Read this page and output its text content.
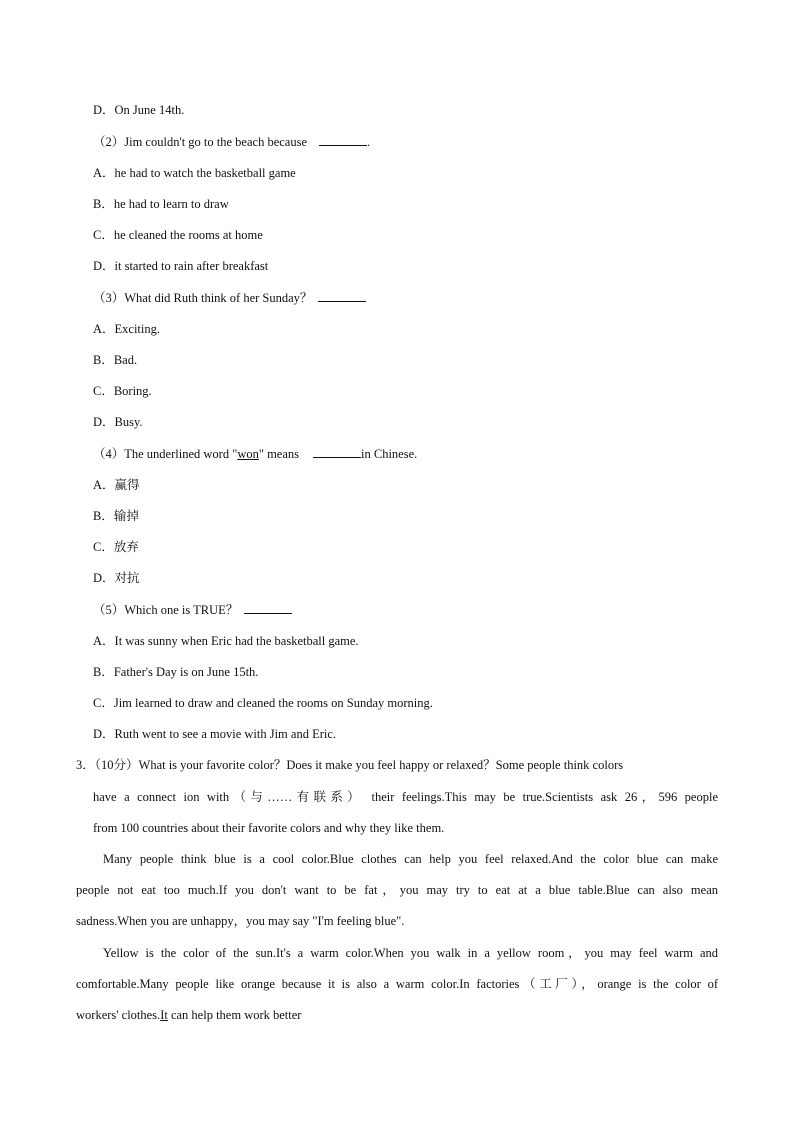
D．On June 14th.
（2）Jim couldn't go to the beach because	.
A．he had to watch the basketball game
B．he had to learn to draw
C．he cleaned the rooms at home
D．it started to rain after breakfast
（3）What did Ruth think of her Sunday？
A．Exciting.
B．Bad.
C．Boring.
D．Busy.
（4）The underlined word "won" means	in Chinese.
A．赢得
B．输掉
C．放弃
D．对抗
（5）Which one is TRUE？
A．It was sunny when Eric had the basketball game.
B．Father's Day is on June 15th.
C．Jim learned to draw and cleaned the rooms on Sunday morning.
D．Ruth went to see a movie with Jim and Eric.
3．（10分）What is your favorite color？Does it make you feel happy or relaxed？Some people think colors
have a connect ion with（与……有联系） their feelings.This may be true.Scientists ask 26，596 people
from 100 countries about their favorite colors and why they like them.
Many people think blue is a cool color.Blue clothes can help you feel relaxed.And the color blue can make
people not eat too much.If you don't want to be fat，you may try to eat at a blue table.Blue can also mean
sadness.When you are unhappy，you may say "I'm feeling blue".
Yellow is the color of the sun.It's a warm color.When you walk in a yellow room，you may feel warm and
comfortable.Many people like orange because it is also a warm color.In factories（工厂），orange is the color of
workers' clothes.It can help them work better
